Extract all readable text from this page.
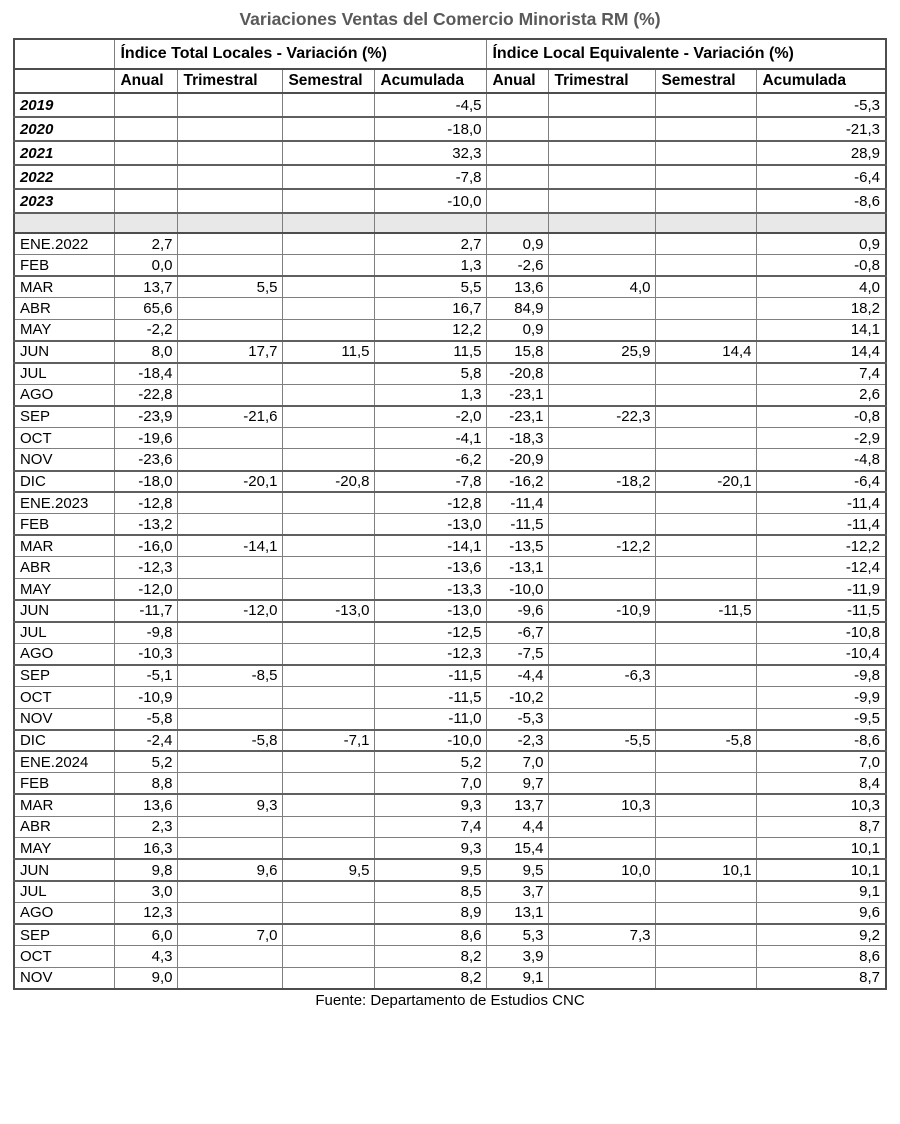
Variaciones Ventas del Comercio Minorista RM (%)
	Índice Total Locales - Variación (%)				Índice Local Equivalente - Variación (%)			
	Anual	Trimestral	Semestral	Acumulada	Anual	Trimestral	Semestral	Acumulada
2019				-4,5				-5,3
2020				-18,0				-21,3
2021				32,3				28,9
2022				-7,8				-6,4
2023				-10,0				-8,6

ENE.2022	2,7			2,7	0,9			0,9
FEB	0,0			1,3	-2,6			-0,8
MAR	13,7	5,5		5,5	13,6	4,0		4,0
ABR	65,6			16,7	84,9			18,2
MAY	-2,2			12,2	0,9			14,1
JUN	8,0	17,7	11,5	11,5	15,8	25,9	14,4	14,4
JUL	-18,4			5,8	-20,8			7,4
AGO	-22,8			1,3	-23,1			2,6
SEP	-23,9	-21,6		-2,0	-23,1	-22,3		-0,8
OCT	-19,6			-4,1	-18,3			-2,9
NOV	-23,6			-6,2	-20,9			-4,8
DIC	-18,0	-20,1	-20,8	-7,8	-16,2	-18,2	-20,1	-6,4
ENE.2023	-12,8			-12,8	-11,4			-11,4
FEB	-13,2			-13,0	-11,5			-11,4
MAR	-16,0	-14,1		-14,1	-13,5	-12,2		-12,2
ABR	-12,3			-13,6	-13,1			-12,4
MAY	-12,0			-13,3	-10,0			-11,9
JUN	-11,7	-12,0	-13,0	-13,0	-9,6	-10,9	-11,5	-11,5
JUL	-9,8			-12,5	-6,7			-10,8
AGO	-10,3			-12,3	-7,5			-10,4
SEP	-5,1	-8,5		-11,5	-4,4	-6,3		-9,8
OCT	-10,9			-11,5	-10,2			-9,9
NOV	-5,8			-11,0	-5,3			-9,5
DIC	-2,4	-5,8	-7,1	-10,0	-2,3	-5,5	-5,8	-8,6
ENE.2024	5,2			5,2	7,0			7,0
FEB	8,8			7,0	9,7			8,4
MAR	13,6	9,3		9,3	13,7	10,3		10,3
ABR	2,3			7,4	4,4			8,7
MAY	16,3			9,3	15,4			10,1
JUN	9,8	9,6	9,5	9,5	9,5	10,0	10,1	10,1
JUL	3,0			8,5	3,7			9,1
AGO	12,3			8,9	13,1			9,6
SEP	6,0	7,0		8,6	5,3	7,3		9,2
OCT	4,3			8,2	3,9			8,6
NOV	9,0			8,2	9,1			8,7
Fuente: Departamento de Estudios CNC
